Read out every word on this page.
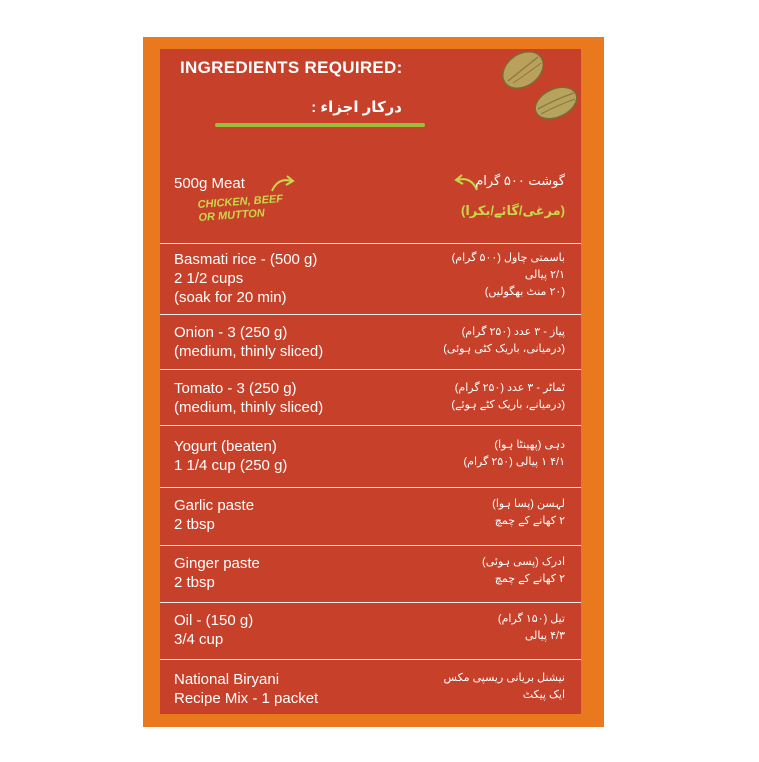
INGREDIENTS REQUIRED:
درکار اجزاء :
500g Meat
CHICKEN, BEEF
OR MUTTON
گوشت ۵۰۰ گرام
(مرغی/گائے/بکرا)
Basmati rice - (500 g)
2 1/2 cups
(soak for 20 min)
باسمتی چاول (۵۰۰ گرام)
۲/۱ پیالی
(۲۰ منٹ بھگولیں)
Onion - 3 (250 g)
(medium, thinly sliced)
پیاز - ۳ عدد (۲۵۰ گرام)
(درمیانی، باریک کٹی ہوئی)
Tomato - 3 (250 g)
(medium, thinly sliced)
ٹماٹر - ۳ عدد (۲۵۰ گرام)
(درمیانے، باریک کٹے ہوئے)
Yogurt (beaten)
1 1/4 cup (250 g)
دہی (پھینٹا ہوا)
۴/۱ ۱ پیالی (۲۵۰ گرام)
Garlic paste
2 tbsp
لہسن (پسا ہوا)
۲ کھانے کے چمچ
Ginger paste
2 tbsp
ادرک (پسی ہوئی)
۲ کھانے کے چمچ
Oil - (150 g)
3/4 cup
تیل (۱۵۰ گرام)
۴/۳ پیالی
National Biryani
Recipe Mix - 1 packet
نیشنل بریانی ریسپی مکس
ایک پیکٹ
